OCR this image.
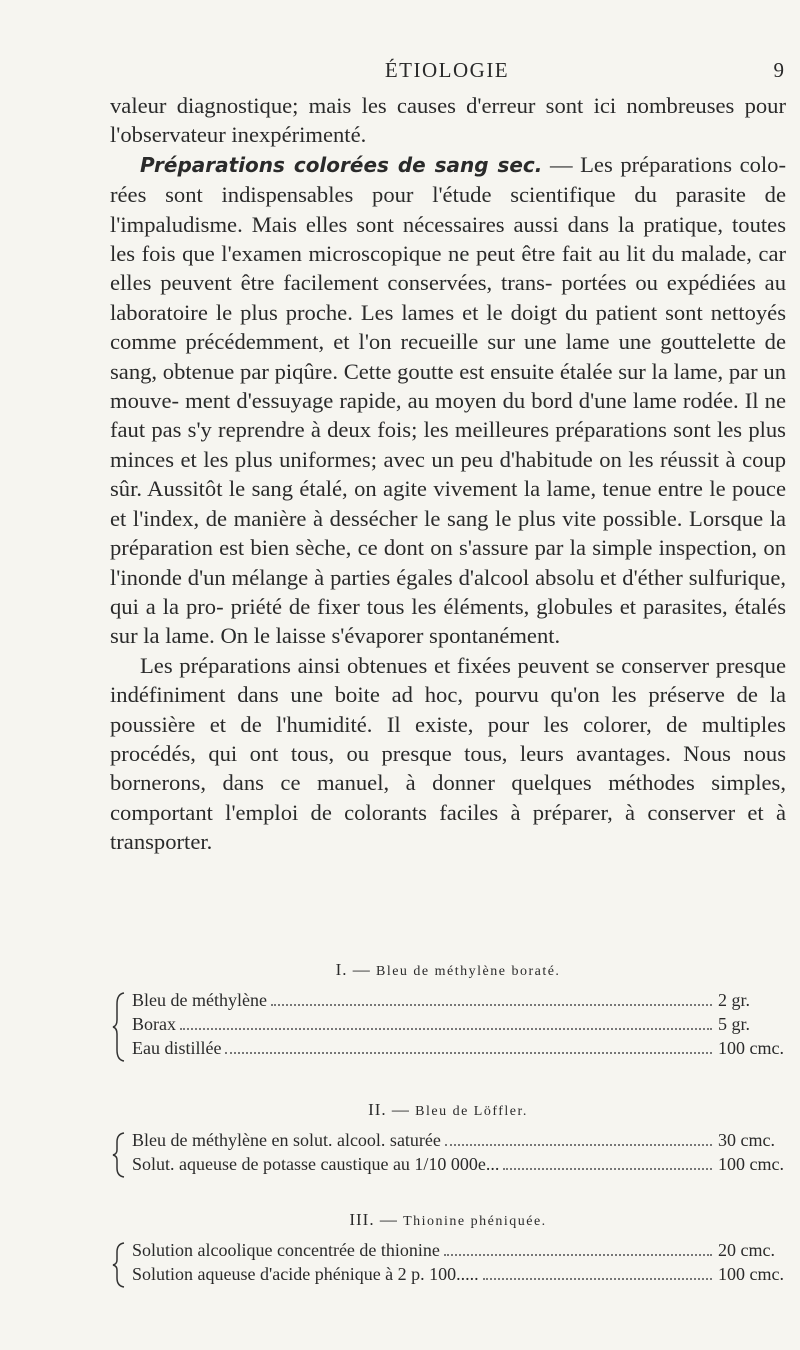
ÉTIOLOGIE	9

valeur diagnostique; mais les causes d'erreur sont ici nombreuses pour l'observateur inexpérimenté.

Préparations colorées de sang sec. — Les préparations colo- rées sont indispensables pour l'étude scientifique du parasite de l'impaludisme. Mais elles sont nécessaires aussi dans la pratique, toutes les fois que l'examen microscopique ne peut être fait au lit du malade, car elles peuvent être facilement conservées, trans- portées ou expédiées au laboratoire le plus proche. Les lames et le doigt du patient sont nettoyés comme précédemment, et l'on recueille sur une lame une gouttelette de sang, obtenue par piqûre. Cette goutte est ensuite étalée sur la lame, par un mouve- ment d'essuyage rapide, au moyen du bord d'une lame rodée. Il ne faut pas s'y reprendre à deux fois; les meilleures préparations sont les plus minces et les plus uniformes; avec un peu d'habitude on les réussit à coup sûr. Aussitôt le sang étalé, on agite vivement la lame, tenue entre le pouce et l'index, de manière à dessécher le sang le plus vite possible. Lorsque la préparation est bien sèche, ce dont on s'assure par la simple inspection, on l'inonde d'un mélange à parties égales d'alcool absolu et d'éther sulfurique, qui a la pro- priété de fixer tous les éléments, globules et parasites, étalés sur la lame. On le laisse s'évaporer spontanément.

Les préparations ainsi obtenues et fixées peuvent se conserver presque indéfiniment dans une boite ad hoc, pourvu qu'on les préserve de la poussière et de l'humidité. Il existe, pour les colorer, de multiples procédés, qui ont tous, ou presque tous, leurs avantages. Nous nous bornerons, dans ce manuel, à donner quelques méthodes simples, comportant l'emploi de colorants faciles à préparer, à conserver et à transporter.

I. — Bleu de méthylène boraté.
Bleu de méthylène	2 gr.
Borax	5 gr.
Eau distillée	100 cmc.
II. — Bleu de Löffler.
Bleu de méthylène en solut. alcool. saturée	30 cmc.
Solut. aqueuse de potasse caustique au 1/10 000e...	100 cmc.
III. — Thionine phéniquée.
Solution alcoolique concentrée de thionine	20 cmc.
Solution aqueuse d'acide phénique à 2 p. 100.....	100 cmc.
